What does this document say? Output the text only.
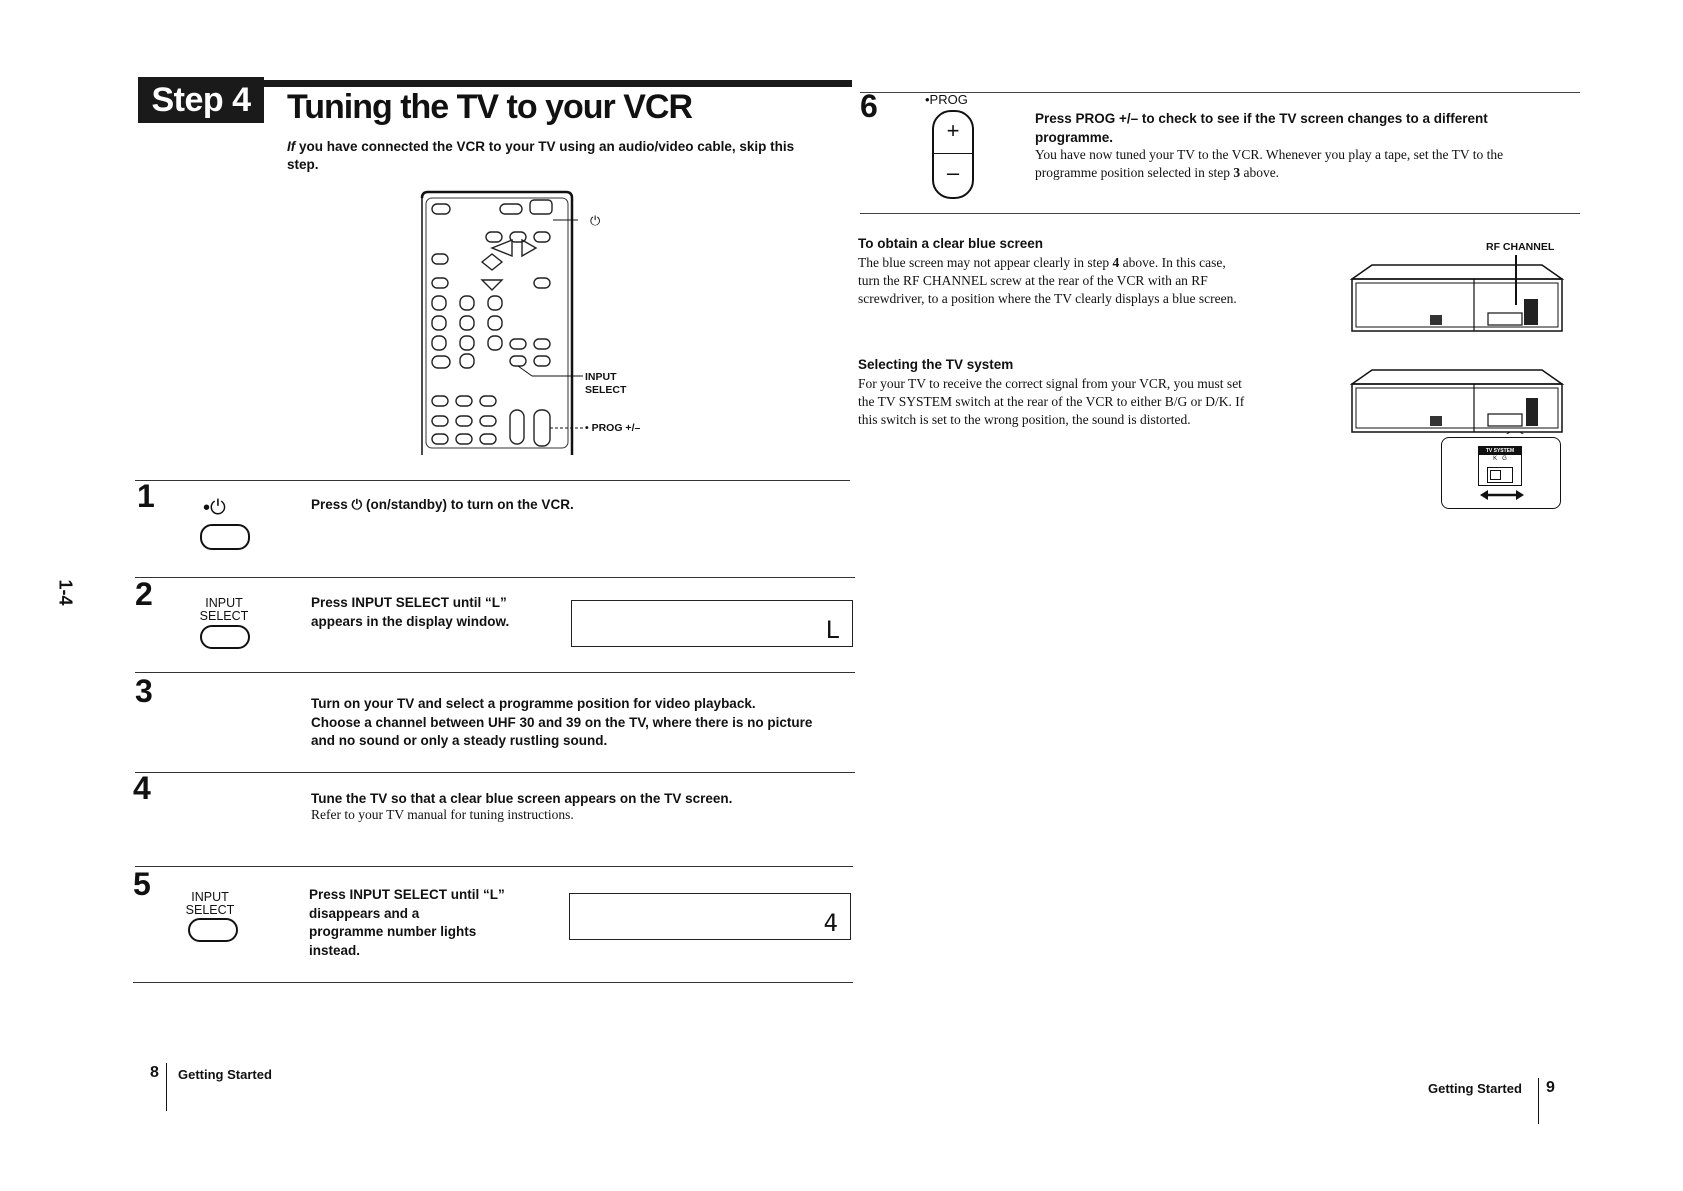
Step 4	Tuning the TV to your VCR
If you have connected the VCR to your TV using an audio/video cable, skip this step.
⏻
INPUT
SELECT
• PROG +/–
1-4
1 •⏻	Press ⏻ (on/standby) to turn on the VCR.
2	INPUT
SELECT
Press INPUT SELECT until “L”
appears in the display window.	L
3	Turn on your TV and select a programme position for video playback.
Choose a channel between UHF 30 and 39 on the TV, where there is no picture
and no sound or only a steady rustling sound.
4	Tune the TV so that a clear blue screen appears on the TV screen.
Refer to your TV manual for tuning instructions.
5	INPUT
SELECT
Press INPUT SELECT until “L”
disappears and a
programme number lights
instead.
4
8 Getting Started
6	•PROG
+
–
Press PROG +/– to check to see if the TV screen changes to a different
programme.
You have now tuned your TV to the VCR. Whenever you play a tape, set the TV to the
programme position selected in step 3 above.
To obtain a clear blue screen
The blue screen may not appear clearly in step 4 above. In this case,
turn the RF CHANNEL screw at the rear of the VCR with an RF
screwdriver, to a position where the TV clearly displays a blue screen.
RF CHANNEL
Selecting the TV system
For your TV to receive the correct signal from your VCR, you must set
the TV SYSTEM switch at the rear of the VCR to either B/G or D/K. If
this switch is set to the wrong position, the sound is distorted.
TV SYSTEM
K G
Getting Started 9
